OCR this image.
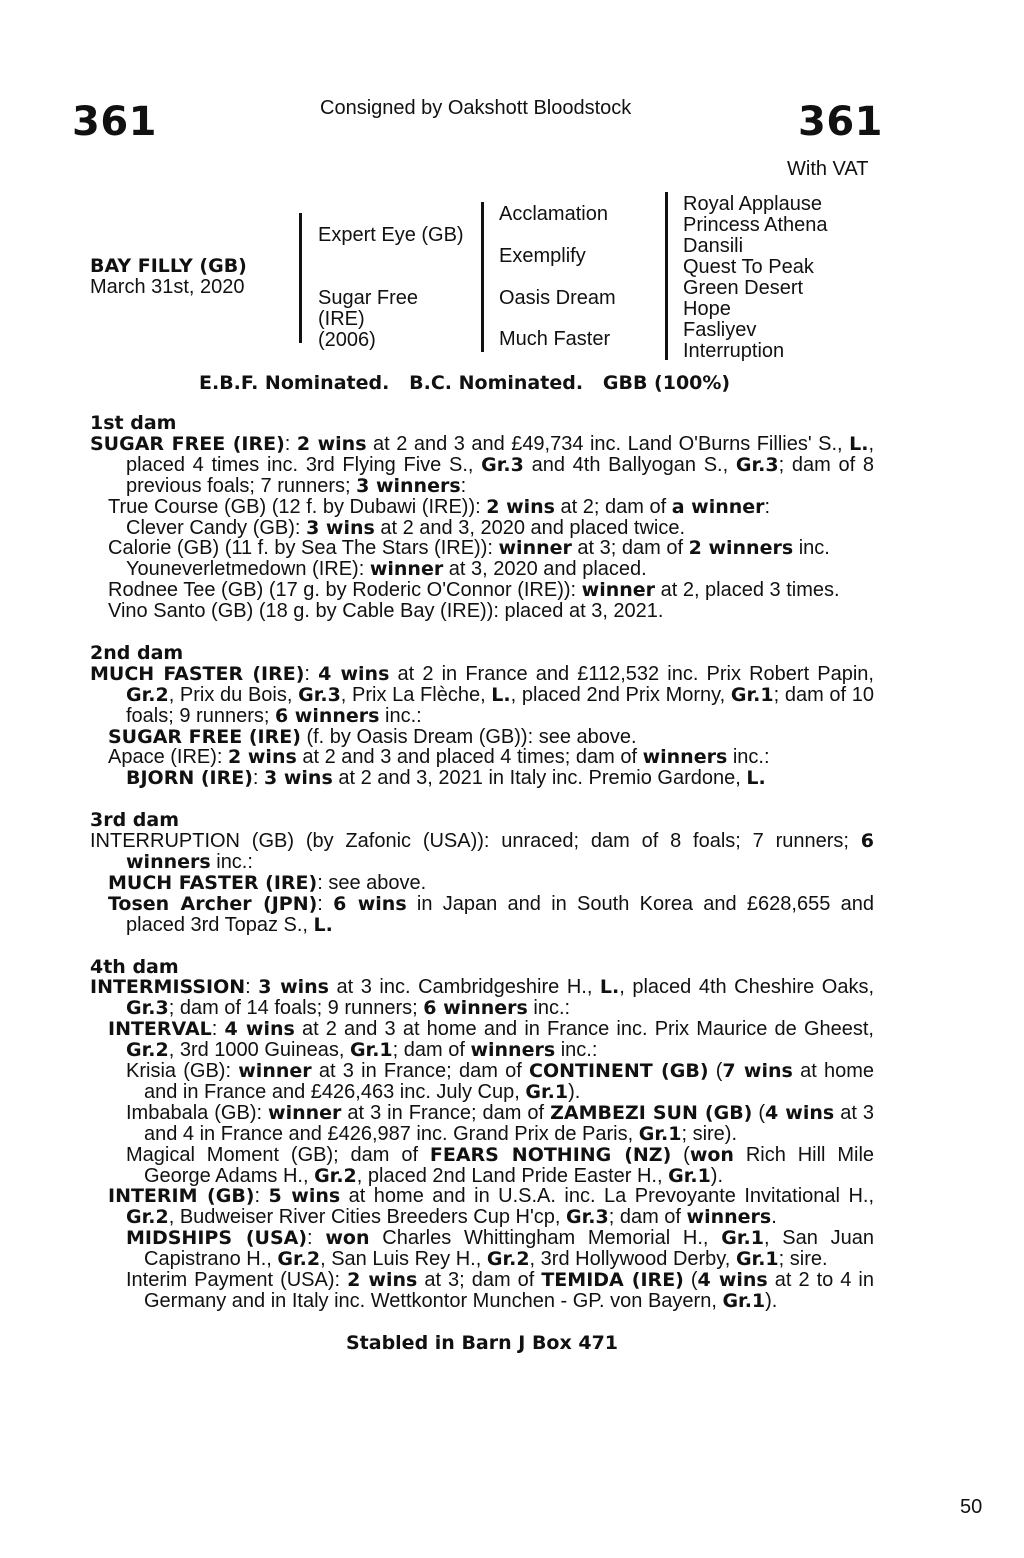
361	Consigned by Oakshott Bloodstock	361
With VAT
BAY FILLY (GB)
March 31st, 2020
Expert Eye (GB)
Sugar Free
(IRE)
(2006)
Acclamation
Exemplify
Oasis Dream
Much Faster
Royal Applause
Princess Athena
Dansili
Quest To Peak
Green Desert
Hope
Fasliyev
Interruption
E.B.F. Nominated.   B.C. Nominated.   GBB (100%)

1st dam

SUGAR FREE (IRE): 2 wins at 2 and 3 and £49,734 inc. Land O'Burns Fillies' S., L., placed 4 times inc. 3rd Flying Five S., Gr.3 and 4th Ballyogan S., Gr.3; dam of 8 previous foals; 7 runners; 3 winners:

True Course (GB) (12 f. by Dubawi (IRE)): 2 wins at 2; dam of a winner:

Clever Candy (GB): 3 wins at 2 and 3, 2020 and placed twice.

Calorie (GB) (11 f. by Sea The Stars (IRE)): winner at 3; dam of 2 winners inc.

Youneverletmedown (IRE): winner at 3, 2020 and placed.

Rodnee Tee (GB) (17 g. by Roderic O'Connor (IRE)): winner at 2, placed 3 times.

Vino Santo (GB) (18 g. by Cable Bay (IRE)): placed at 3, 2021.

2nd dam

MUCH FASTER (IRE): 4 wins at 2 in France and £112,532 inc. Prix Robert Papin, Gr.2, Prix du Bois, Gr.3, Prix La Flèche, L., placed 2nd Prix Morny, Gr.1; dam of 10 foals; 9 runners; 6 winners inc.:

SUGAR FREE (IRE) (f. by Oasis Dream (GB)): see above.

Apace (IRE): 2 wins at 2 and 3 and placed 4 times; dam of winners inc.:

BJORN (IRE): 3 wins at 2 and 3, 2021 in Italy inc. Premio Gardone, L.

3rd dam

INTERRUPTION (GB) (by Zafonic (USA)): unraced; dam of 8 foals; 7 runners; 6 winners inc.:

MUCH FASTER (IRE): see above.

Tosen Archer (JPN): 6 wins in Japan and in South Korea and £628,655 and placed 3rd Topaz S., L.

4th dam

INTERMISSION: 3 wins at 3 inc. Cambridgeshire H., L., placed 4th Cheshire Oaks, Gr.3; dam of 14 foals; 9 runners; 6 winners inc.:

INTERVAL: 4 wins at 2 and 3 at home and in France inc. Prix Maurice de Gheest, Gr.2, 3rd 1000 Guineas, Gr.1; dam of winners inc.:

Krisia (GB): winner at 3 in France; dam of CONTINENT (GB) (7 wins at home and in France and £426,463 inc. July Cup, Gr.1).

Imbabala (GB): winner at 3 in France; dam of ZAMBEZI SUN (GB) (4 wins at 3 and 4 in France and £426,987 inc. Grand Prix de Paris, Gr.1; sire).

Magical Moment (GB); dam of FEARS NOTHING (NZ) (won Rich Hill Mile George Adams H., Gr.2, placed 2nd Land Pride Easter H., Gr.1).

INTERIM (GB): 5 wins at home and in U.S.A. inc. La Prevoyante Invitational H., Gr.2, Budweiser River Cities Breeders Cup H'cp, Gr.3; dam of winners.

MIDSHIPS (USA): won Charles Whittingham Memorial H., Gr.1, San Juan Capistrano H., Gr.2, San Luis Rey H., Gr.2, 3rd Hollywood Derby, Gr.1; sire.

Interim Payment (USA): 2 wins at 3; dam of TEMIDA (IRE) (4 wins at 2 to 4 in Germany and in Italy inc. Wettkontor Munchen - GP. von Bayern, Gr.1).

Stabled in Barn J Box 471

50
